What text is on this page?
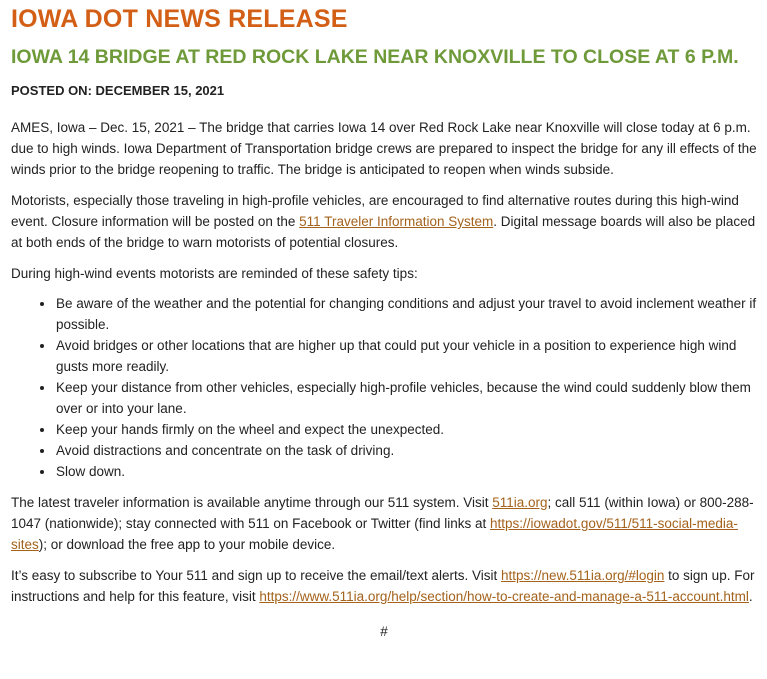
IOWA DOT NEWS RELEASE
IOWA 14 BRIDGE AT RED ROCK LAKE NEAR KNOXVILLE TO CLOSE AT 6 P.M.
POSTED ON: DECEMBER 15, 2021

AMES, Iowa – Dec. 15, 2021 – The bridge that carries Iowa 14 over Red Rock Lake near Knoxville will close today at 6 p.m. due to high winds. Iowa Department of Transportation bridge crews are prepared to inspect the bridge for any ill effects of the winds prior to the bridge reopening to traffic. The bridge is anticipated to reopen when winds subside.

Motorists, especially those traveling in high-profile vehicles, are encouraged to find alternative routes during this high-wind event. Closure information will be posted on the 511 Traveler Information System. Digital message boards will also be placed at both ends of the bridge to warn motorists of potential closures.

During high-wind events motorists are reminded of these safety tips:

• Be aware of the weather and the potential for changing conditions and adjust your travel to avoid inclement weather if possible.
• Avoid bridges or other locations that are higher up that could put your vehicle in a position to experience high wind gusts more readily.
• Keep your distance from other vehicles, especially high-profile vehicles, because the wind could suddenly blow them over or into your lane.
• Keep your hands firmly on the wheel and expect the unexpected.
• Avoid distractions and concentrate on the task of driving.
• Slow down.

The latest traveler information is available anytime through our 511 system. Visit 511ia.org; call 511 (within Iowa) or 800-288-1047 (nationwide); stay connected with 511 on Facebook or Twitter (find links at https://iowadot.gov/511/511-social-media-sites); or download the free app to your mobile device.

It’s easy to subscribe to Your 511 and sign up to receive the email/text alerts. Visit https://new.511ia.org/#login to sign up. For instructions and help for this feature, visit https://www.511ia.org/help/section/how-to-create-and-manage-a-511-account.html.

#
